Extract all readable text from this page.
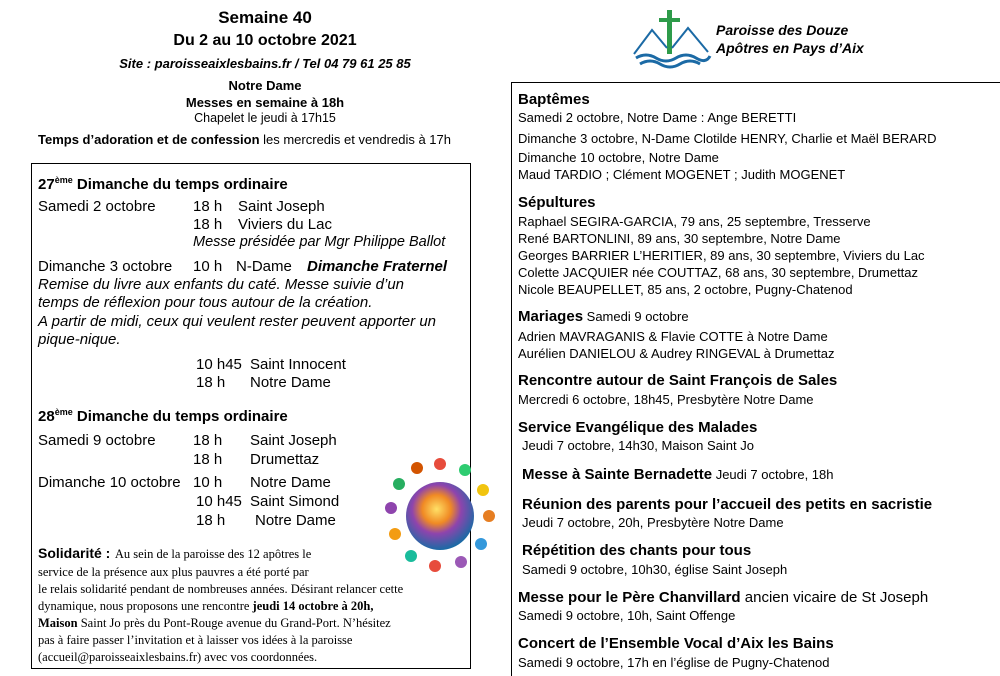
Semaine 40
Du 2 au 10 octobre 2021
Site : paroisseaixlesbains.fr / Tel 04 79 61 25 85
Notre Dame
Messes en semaine à 18h
Chapelet le jeudi à 17h15
Temps d’adoration et de confession les mercredis et vendredis à 17h
Paroisse des Douze
Apôtres en Pays d’Aix
27ème Dimanche du temps ordinaire
Samedi 2 octobre 18 h Saint Joseph
18 h Viviers du Lac
Messe présidée par Mgr Philippe Ballot
Dimanche 3 octobre 10 h N-Dame Dimanche Fraternel
Remise du livre aux enfants du caté. Messe suivie d’un
temps de réflexion pour tous autour de la création.
A partir de midi, ceux qui veulent rester peuvent apporter un
pique-nique.
10 h45 Saint Innocent
18 h Notre Dame
28ème Dimanche du temps ordinaire
Samedi 9 octobre 18 h Saint Joseph
18 h Drumettaz
Dimanche 10 octobre 10 h Notre Dame
10 h45 Saint Simond
18 h Notre Dame
Solidarité : Au sein de la paroisse des 12 apôtres le
service de la présence aux plus pauvres a été porté par
le relais solidarité pendant de nombreuses années. Désirant relancer cette
dynamique, nous proposons une rencontre jeudi 14 octobre à 20h,
Maison Saint Jo près du Pont-Rouge avenue du Grand-Port. N’hésitez
pas à faire passer l’invitation et à laisser vos idées à la paroisse
(accueil@paroisseaixlesbains.fr) avec vos coordonnées.
Baptêmes
Samedi 2 octobre, Notre Dame : Ange BERETTI
Dimanche 3 octobre, N-Dame Clotilde HENRY, Charlie et Maël BERARD
Dimanche 10 octobre, Notre Dame
Maud TARDIO ; Clément MOGENET ; Judith MOGENET
Sépultures
Raphael SEGIRA-GARCIA, 79 ans, 25 septembre, Tresserve
René BARTONLINI, 89 ans, 30 septembre, Notre Dame
Georges BARRIER L’HERITIER, 89 ans, 30 septembre, Viviers du Lac
Colette JACQUIER née COUTTAZ, 68 ans, 30 septembre, Drumettaz
Nicole BEAUPELLET, 85 ans, 2 octobre, Pugny-Chatenod
Mariages Samedi 9 octobre
Adrien MAVRAGANIS & Flavie COTTE à Notre Dame
Aurélien DANIELOU & Audrey RINGEVAL à Drumettaz
Rencontre autour de Saint François de Sales
Mercredi 6 octobre, 18h45, Presbytère Notre Dame
Service Evangélique des Malades
Jeudi 7 octobre, 14h30, Maison Saint Jo
Messe à Sainte Bernadette Jeudi 7 octobre, 18h
Réunion des parents pour l’accueil des petits en sacristie
Jeudi 7 octobre, 20h, Presbytère Notre Dame
Répétition des chants pour tous
Samedi 9 octobre, 10h30, église Saint Joseph
Messe pour le Père Chanvillard ancien vicaire de St Joseph
Samedi 9 octobre, 10h, Saint Offenge
Concert de l’Ensemble Vocal d’Aix les Bains
Samedi 9 octobre, 17h en l’église de Pugny-Chatenod
